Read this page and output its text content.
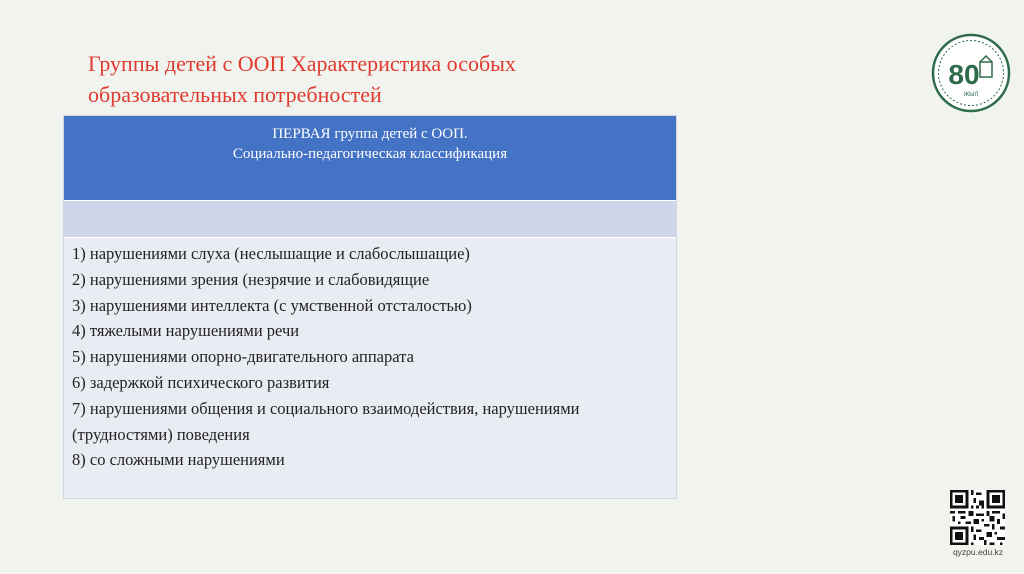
Группы детей с ООП Характеристика особых
образовательных потребностей
ПЕРВАЯ группа детей с ООП.
Социально-педагогическая классификация
1) нарушениями слуха (неслышащие и слабослышащие)
2) нарушениями зрения (незрячие и слабовидящие
3) нарушениями интеллекта (с умственной отсталостью)
4) тяжелыми нарушениями речи
5) нарушениями опорно-двигательного аппарата
6) задержкой психического развития
7) нарушениями общения и социального взаимодействия, нарушениями
(трудностями) поведения
8) со сложными нарушениями
80
ЖЫЛ
qyzpu.edu.kz
